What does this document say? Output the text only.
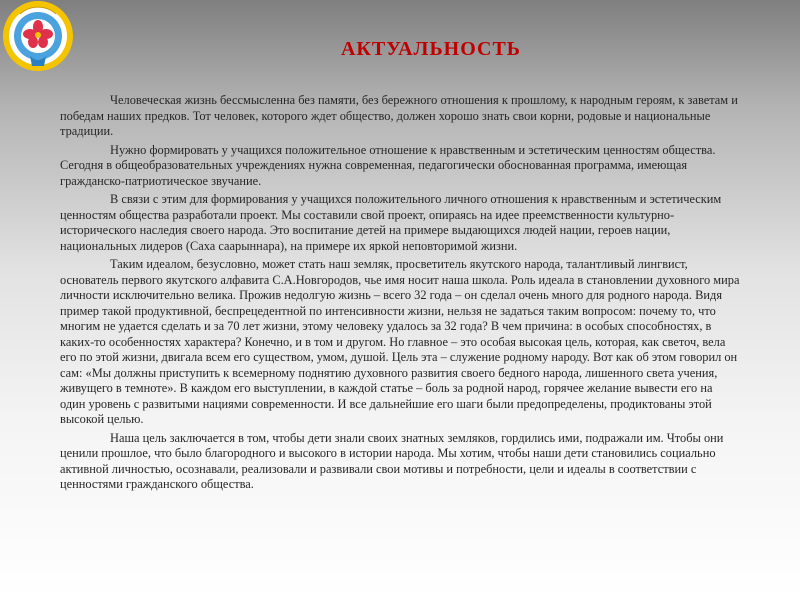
АКТУАЛЬНОСТЬ

Человеческая жизнь бессмысленна без памяти, без бережного отношения к прошлому, к народным героям, к заветам и победам наших предков. Тот человек, которого ждет общество, должен хорошо знать свои корни, родовые и национальные традиции.

Нужно формировать у учащихся положительное отношение к нравственным и эстетическим ценностям общества. Сегодня в общеобразовательных учреждениях нужна современная, педагогически обоснованная программа, имеющая гражданско-патриотическое звучание.

В связи с этим для формирования у учащихся положительного личного отношения к нравственным и эстетическим ценностям общества разработали проект. Мы составили свой проект, опираясь на идее преемственности культурно-исторического наследия своего народа. Это воспитание детей на примере выдающихся людей нации, героев нации, национальных лидеров (Саха саарыннара), на примере их яркой неповторимой жизни.

Таким идеалом, безусловно, может стать наш земляк, просветитель якутского народа, талантливый лингвист, основатель первого якутского алфавита С.А.Новгородов, чье имя носит наша школа. Роль идеала в становлении духовного мира личности исключительно велика. Прожив недолгую жизнь – всего 32 года – он сделал очень много для родного народа. Видя пример такой продуктивной, беспрецедентной по интенсивности жизни, нельзя не задаться таким вопросом: почему то, что многим не удается сделать и за 70 лет жизни, этому человеку удалось за 32 года? В чем причина: в особых способностях, в каких-то особенностях характера? Конечно, и в том и другом. Но главное – это особая высокая цель, которая, как светоч, вела его по этой жизни, двигала всем его существом, умом, душой. Цель эта – служение родному народу. Вот как об этом говорил он сам: «Мы должны приступить к всемерному поднятию духовного развития своего бедного народа, лишенного света учения, живущего в темноте». В каждом его выступлении, в каждой статье – боль за родной народ, горячее желание вывести его на один уровень с развитыми нациями современности. И все дальнейшие его шаги были предопределены, продиктованы этой высокой целью.

Наша цель заключается в том, чтобы дети знали своих знатных земляков, гордились ими, подражали им. Чтобы они ценили прошлое, что было благородного и высокого в истории народа. Мы хотим, чтобы наши дети становились социально активной личностью, осознавали, реализовали и развивали свои мотивы и потребности, цели и идеалы в соответствии с ценностями гражданского общества.
